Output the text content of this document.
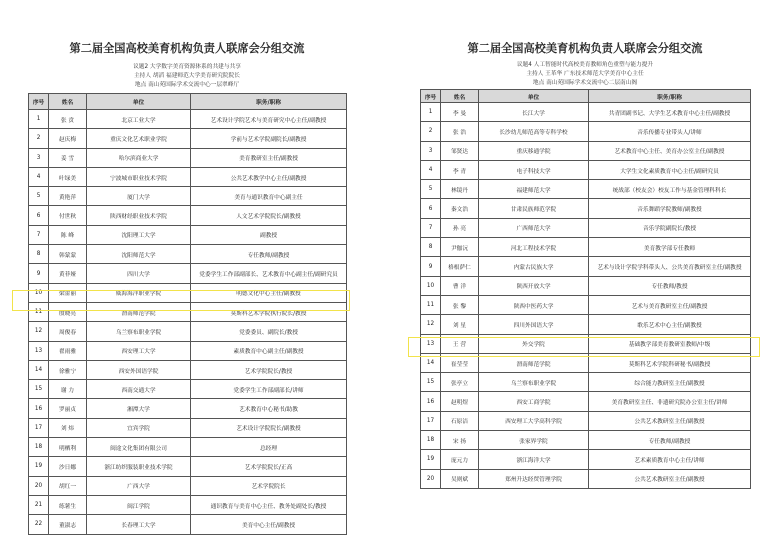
第二届全国高校美育机构负责人联席会分组交流
议题2 大学数字美育资源体系的共建与共享
主持人 胡滔 福建师范大学美育研究院院长
地点 南山苑国际学术交流中心一层翠峰厅
序号	姓名	单位	职务/职称
1	张 贲	北京工业大学	艺术设计学院艺术与美育研究中心主任/副教授
2	赵庆梅	重庆文化艺术职业学院	学前与艺术学院副院长/副教授
3	姜 雪	哈尔滨商业大学	美育教研室主任/副教授
4	叶绿美	宁波城市职业技术学院	公共艺术教学中心主任/副教授
5	黄艳萍	厦门大学	美育与通识教育中心副主任
6	付世秋	陕西财经职业技术学院	人文艺术学院院长/副教授
7	陈 峰	沈阳理工大学	副教授
8	韩蒙蒙	沈阳师范大学	专任教师/副教授
9	黄菲娅	四川大学	党委学生工作部副部长、艺术教育中心副主任/副研究员
10	梁蕾丽	威海海洋职业学院	明德文化中心主任/副教授
11	殷晓亮	渭南师范学院	莫斯科艺术学院执行院长/教授
12	周俊春	乌兰察布职业学院	党委委员、副院长/教授
13	翟雨雅	西安理工大学	素质教育中心副主任/副教授
14	徐雅宁	西安外国语学院	艺术学院院长/教授
15	谢 力	西南交通大学	党委学生工作部副部长/讲师
16	罗丽贞	湘潭大学	艺术教育中心秘书/助教
17	刘 炜	宜宾学院	艺术设计学院院长/副教授
18	明栖利	闽途文化集团有限公司	总经理
19	沙日娜	浙江纺织服装职业技术学院	艺术学院院长/正高
20	胡红一	广西大学	艺术学院院长
21	练薯生	闽江学院	通识教育与美育中心主任、教务处副处长/教授
22	董淑志	长春理工大学	美育中心主任/副教授
第二届全国高校美育机构负责人联席会分组交流
议题4 人工智能时代高校美育教师角色重塑与能力提升
主持人 王革华 广东技术师范大学美育中心主任
地点 南山苑国际学术交流中心二层南山阁
序号	姓名	单位	职务/职称
1	李 曼	长江大学	共青团副书记、大学生艺术教育中心主任/副教授
2	张 浩	长沙幼儿师范高等专科学校	音乐传播专业带头人/讲师
3	邹贤达	重庆移通学院	艺术教育中心主任、美育办公室主任/副教授
4	李 青	电子科技大学	大学生文化素质教育中心主任/副研究员
5	林镜丹	福建师范大学	统战部（校友会）校友工作与基金管理科科长
6	秦文浩	甘肃民族师范学院	音乐舞蹈学院教师/副教授
7	孙 亮	广西师范大学	音乐学院副院长/教授
8	尹伽沅	河北工程技术学院	美育教学部专任教师
9	格根萨仁	内蒙古民族大学	艺术与设计学院学科带头人、公共美育教研室主任/副教授
10	曹 洋	陕西开放大学	专任教师/教授
11	张 黎	陕西中医药大学	艺术与美育教研室主任/副教授
12	刘 星	四川外国语大学	歌乐艺术中心主任/副教授
13	王 营	外交学院	基础教学部美育教研室教师/中级
14	崔莹莹	渭南师范学院	莫斯科艺术学院科研秘书/副教授
15	张亭立	乌兰察布职业学院	综合能力教研室主任/副教授
16	赵明煜	西安工商学院	美育教研室主任、非遗研究院办公室主任/讲师
17	石原洁	西安理工大学高科学院	公共艺术教研室主任/副教授
18	宋 扬	张家界学院	专任教师/副教授
19	庞元力	浙江海洋大学	艺术素质教育中心主任/讲师
20	吴则斌	郑州升达经贸管理学院	公共艺术教研室主任/副教授
